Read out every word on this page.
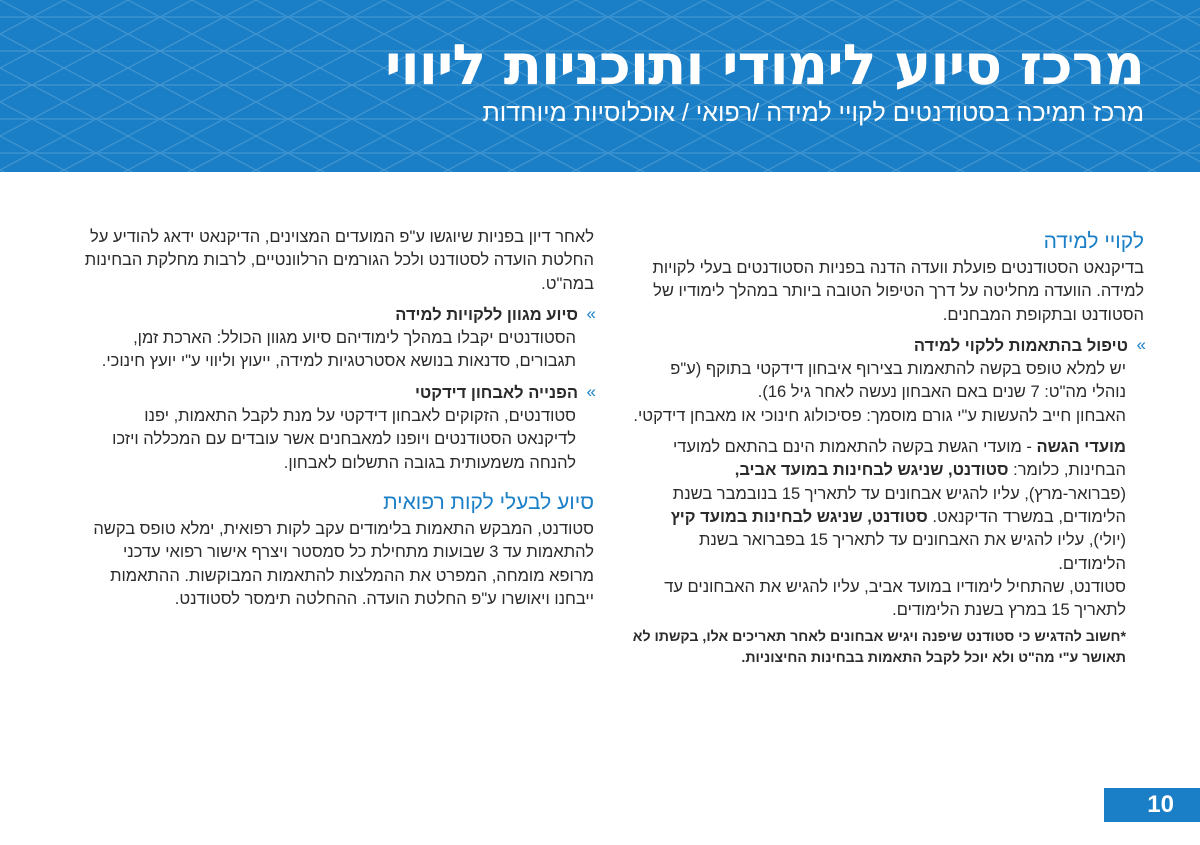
מרכז סיוע לימודי ותוכניות ליווי
מרכז תמיכה בסטודנטים לקויי למידה /רפואי / אוכלוסיות מיוחדות
לקויי למידה

בדיקנאט הסטודנטים פועלת וועדה הדנה בפניות הסטודנטים בעלי לקויות למידה. הוועדה מחליטה על דרך הטיפול הטובה ביותר במהלך לימודיו של הסטודנט ובתקופת המבחנים.

»
טיפול בהתאמות ללקוי למידה

יש למלא טופס בקשה להתאמות בצירוף איבחון דידקטי בתוקף (ע"פ נוהלי מה"ט: 7 שנים באם האבחון נעשה לאחר גיל 16).

האבחון חייב להעשות ע"י גורם מוסמך: פסיכולוג חינוכי או מאבחן דידקטי.

מועדי הגשה - מועדי הגשת בקשה להתאמות הינם בהתאם למועדי הבחינות, כלומר: סטודנט, שניגש לבחינות במועד אביב, (פברואר-מרץ), עליו להגיש אבחונים עד לתאריך 15 בנובמבר בשנת הלימודים, במשרד הדיקנאט. סטודנט, שניגש לבחינות במועד קיץ (יולי), עליו להגיש את האבחונים עד לתאריך 15 בפברואר בשנת הלימודים.

סטודנט, שהתחיל לימודיו במועד אביב, עליו להגיש את האבחונים עד לתאריך 15 במרץ בשנת הלימודים.

*חשוב להדגיש כי סטודנט שיפנה ויגיש אבחונים לאחר תאריכים אלו, בקשתו לא תאושר ע"י מה"ט ולא יוכל לקבל התאמות בבחינות החיצוניות.

לאחר דיון בפניות שיוגשו ע"פ המועדים המצוינים, הדיקנאט ידאג להודיע על החלטת הועדה לסטודנט ולכל הגורמים הרלוונטיים, לרבות מחלקת הבחינות במה"ט.

»
סיוע מגוון ללקויות למידה
הסטודנטים יקבלו במהלך לימודיהם סיוע מגוון הכולל: הארכת זמן, תגבורים, סדנאות בנושא אסטרטגיות למידה, ייעוץ וליווי ע"י יועץ חינוכי.
»
הפנייה לאבחון דידקטי
סטודנטים, הזקוקים לאבחון דידקטי על מנת לקבל התאמות, יפנו לדיקנאט הסטודנטים ויופנו למאבחנים אשר עובדים עם המכללה ויזכו להנחה משמעותית בגובה התשלום לאבחון.
סיוע לבעלי לקות רפואית

סטודנט, המבקש התאמות בלימודים עקב לקות רפואית, ימלא טופס בקשה להתאמות עד 3 שבועות מתחילת כל סמסטר ויצרף אישור רפואי עדכני מרופא מומחה, המפרט את ההמלצות להתאמות המבוקשות. ההתאמות ייבחנו ויאושרו ע"פ החלטת הועדה. ההחלטה תימסר לסטודנט.

10
